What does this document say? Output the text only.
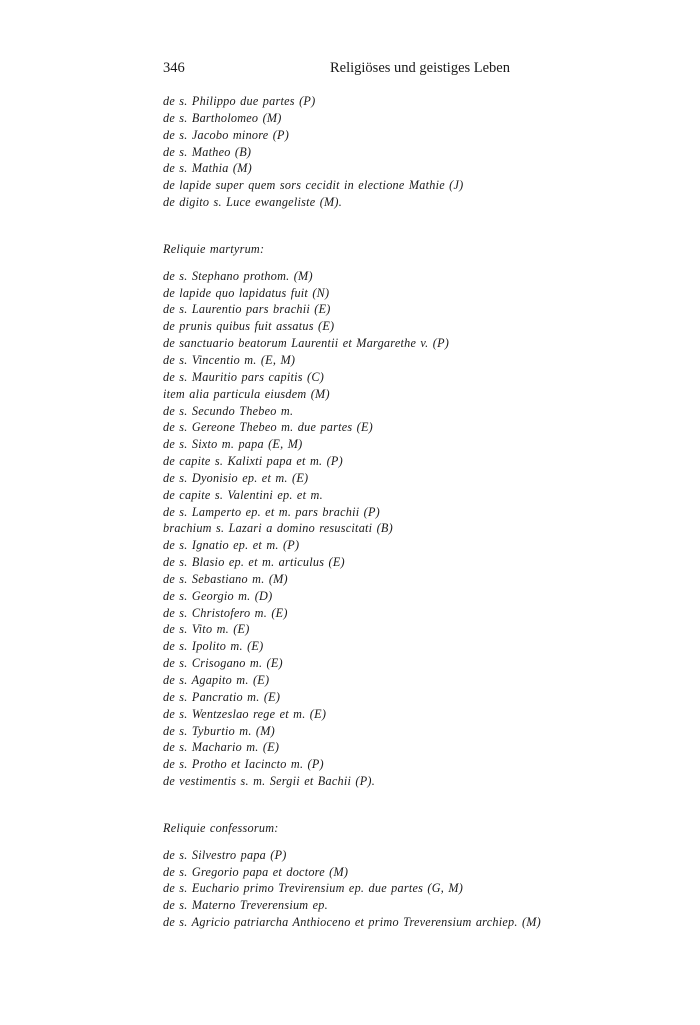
346	Religiöses und geistiges Leben
de s. Philippo due partes (P)
de s. Bartholomeo (M)
de s. Jacobo minore (P)
de s. Matheo (B)
de s. Mathia (M)
de lapide super quem sors cecidit in electione Mathie (J)
de digito s. Luce ewangeliste (M).
Reliquie martyrum:
de s. Stephano prothom. (M)
de lapide quo lapidatus fuit (N)
de s. Laurentio pars brachii (E)
de prunis quibus fuit assatus (E)
de sanctuario beatorum Laurentii et Margarethe v. (P)
de s. Vincentio m. (E, M)
de s. Mauritio pars capitis (C)
item alia particula eiusdem (M)
de s. Secundo Thebeo m.
de s. Gereone Thebeo m. due partes (E)
de s. Sixto m. papa (E, M)
de capite s. Kalixti papa et m. (P)
de s. Dyonisio ep. et m. (E)
de capite s. Valentini ep. et m.
de s. Lamperto ep. et m. pars brachii (P)
brachium s. Lazari a domino resuscitati (B)
de s. Ignatio ep. et m. (P)
de s. Blasio ep. et m. articulus (E)
de s. Sebastiano m. (M)
de s. Georgio m. (D)
de s. Christofero m. (E)
de s. Vito m. (E)
de s. Ipolito m. (E)
de s. Crisogano m. (E)
de s. Agapito m. (E)
de s. Pancratio m. (E)
de s. Wentzeslao rege et m. (E)
de s. Tyburtio m. (M)
de s. Machario m. (E)
de s. Protho et Iacincto m. (P)
de vestimentis s. m. Sergii et Bachii (P).
Reliquie confessorum:
de s. Silvestro papa (P)
de s. Gregorio papa et doctore (M)
de s. Euchario primo Trevirensium ep. due partes (G, M)
de s. Materno Treverensium ep.
de s. Agricio patriarcha Anthioceno et primo Treverensium archiep. (M)
